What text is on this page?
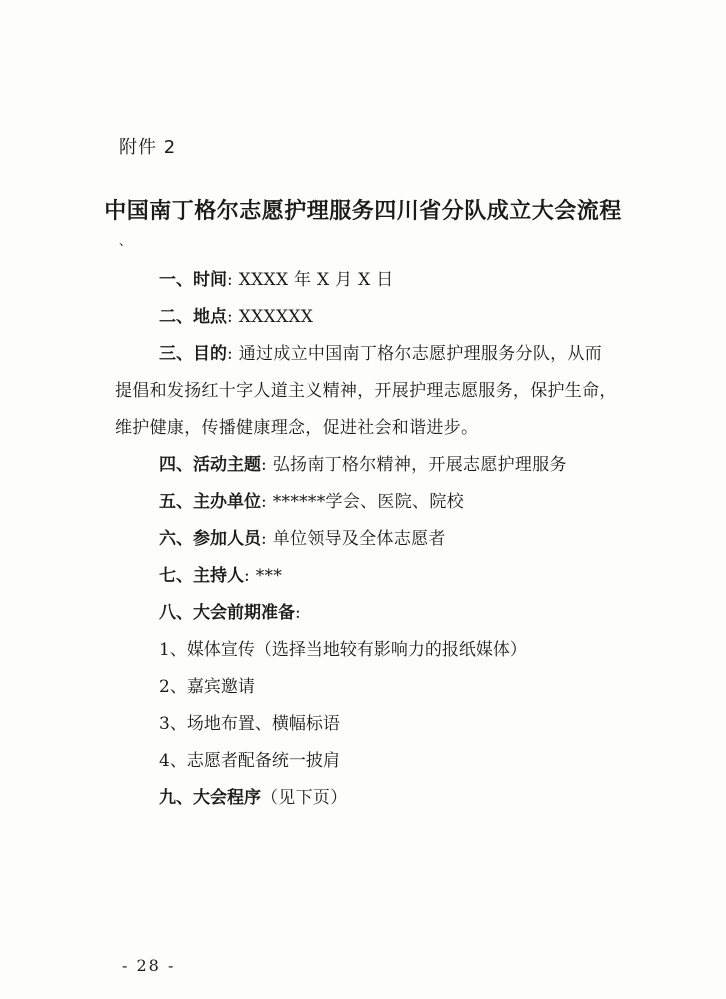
附件 2
中国南丁格尔志愿护理服务四川省分队成立大会流程
、
一、时间: XXXX 年 X 月 X 日
二、地点: XXXXXX
三、目的: 通过成立中国南丁格尔志愿护理服务分队，从而
提倡和发扬红十字人道主义精神，开展护理志愿服务，保护生命，
维护健康，传播健康理念，促进社会和谐进步。
四、活动主题: 弘扬南丁格尔精神，开展志愿护理服务
五、主办单位: ******学会、医院、院校
六、参加人员: 单位领导及全体志愿者
七、主持人: ***
八、大会前期准备:
1、媒体宣传（选择当地较有影响力的报纸媒体）
2、嘉宾邀请
3、场地布置、横幅标语
4、志愿者配备统一披肩
九、大会程序（见下页）
- 28 -
